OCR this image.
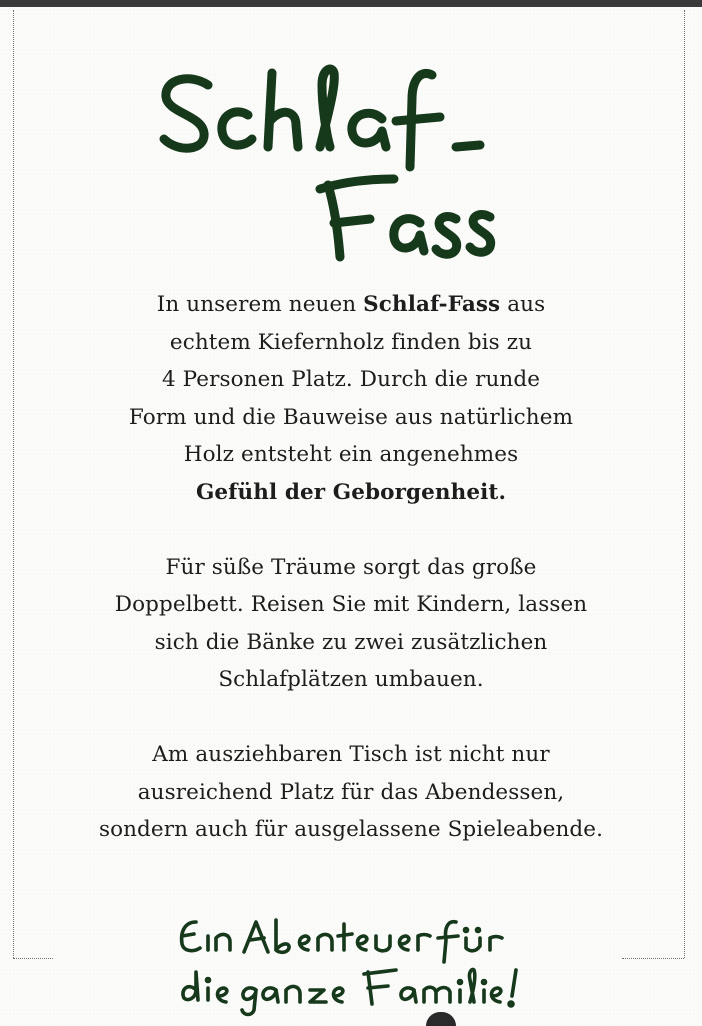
In unserem neuen Schlaf-Fass aus
echtem Kiefernholz finden bis zu
4 Personen Platz. Durch die runde
Form und die Bauweise aus natürlichem
Holz entsteht ein angenehmes
Gefühl der Geborgenheit.

Für süße Träume sorgt das große
Doppelbett. Reisen Sie mit Kindern, lassen
sich die Bänke zu zwei zusätzlichen
Schlafplätzen umbauen.

Am ausziehbaren Tisch ist nicht nur
ausreichend Platz für das Abendessen,
sondern auch für ausgelassene Spieleabende.
